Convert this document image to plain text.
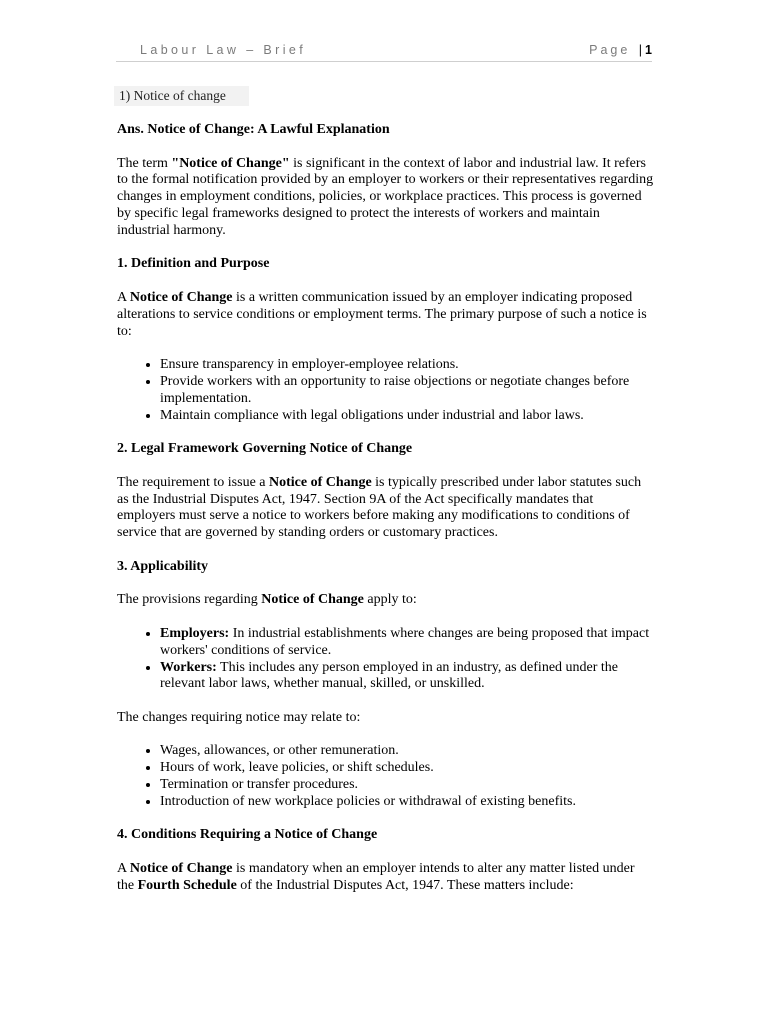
Labour Law – Brief	Page | 1
1) Notice of change
Ans. Notice of Change: A Lawful Explanation

The term "Notice of Change" is significant in the context of labor and industrial law. It refers to the formal notification provided by an employer to workers or their representatives regarding changes in employment conditions, policies, or workplace practices. This process is governed by specific legal frameworks designed to protect the interests of workers and maintain industrial harmony.

1. Definition and Purpose

A Notice of Change is a written communication issued by an employer indicating proposed alterations to service conditions or employment terms. The primary purpose of such a notice is to:

• Ensure transparency in employer-employee relations.
• Provide workers with an opportunity to raise objections or negotiate changes before implementation.
• Maintain compliance with legal obligations under industrial and labor laws.
2. Legal Framework Governing Notice of Change

The requirement to issue a Notice of Change is typically prescribed under labor statutes such as the Industrial Disputes Act, 1947. Section 9A of the Act specifically mandates that employers must serve a notice to workers before making any modifications to conditions of service that are governed by standing orders or customary practices.

3. Applicability

The provisions regarding Notice of Change apply to:

• Employers: In industrial establishments where changes are being proposed that impact workers' conditions of service.
• Workers: This includes any person employed in an industry, as defined under the relevant labor laws, whether manual, skilled, or unskilled.

The changes requiring notice may relate to:

• Wages, allowances, or other remuneration.
• Hours of work, leave policies, or shift schedules.
• Termination or transfer procedures.
• Introduction of new workplace policies or withdrawal of existing benefits.
4. Conditions Requiring a Notice of Change

A Notice of Change is mandatory when an employer intends to alter any matter listed under the Fourth Schedule of the Industrial Disputes Act, 1947. These matters include:
